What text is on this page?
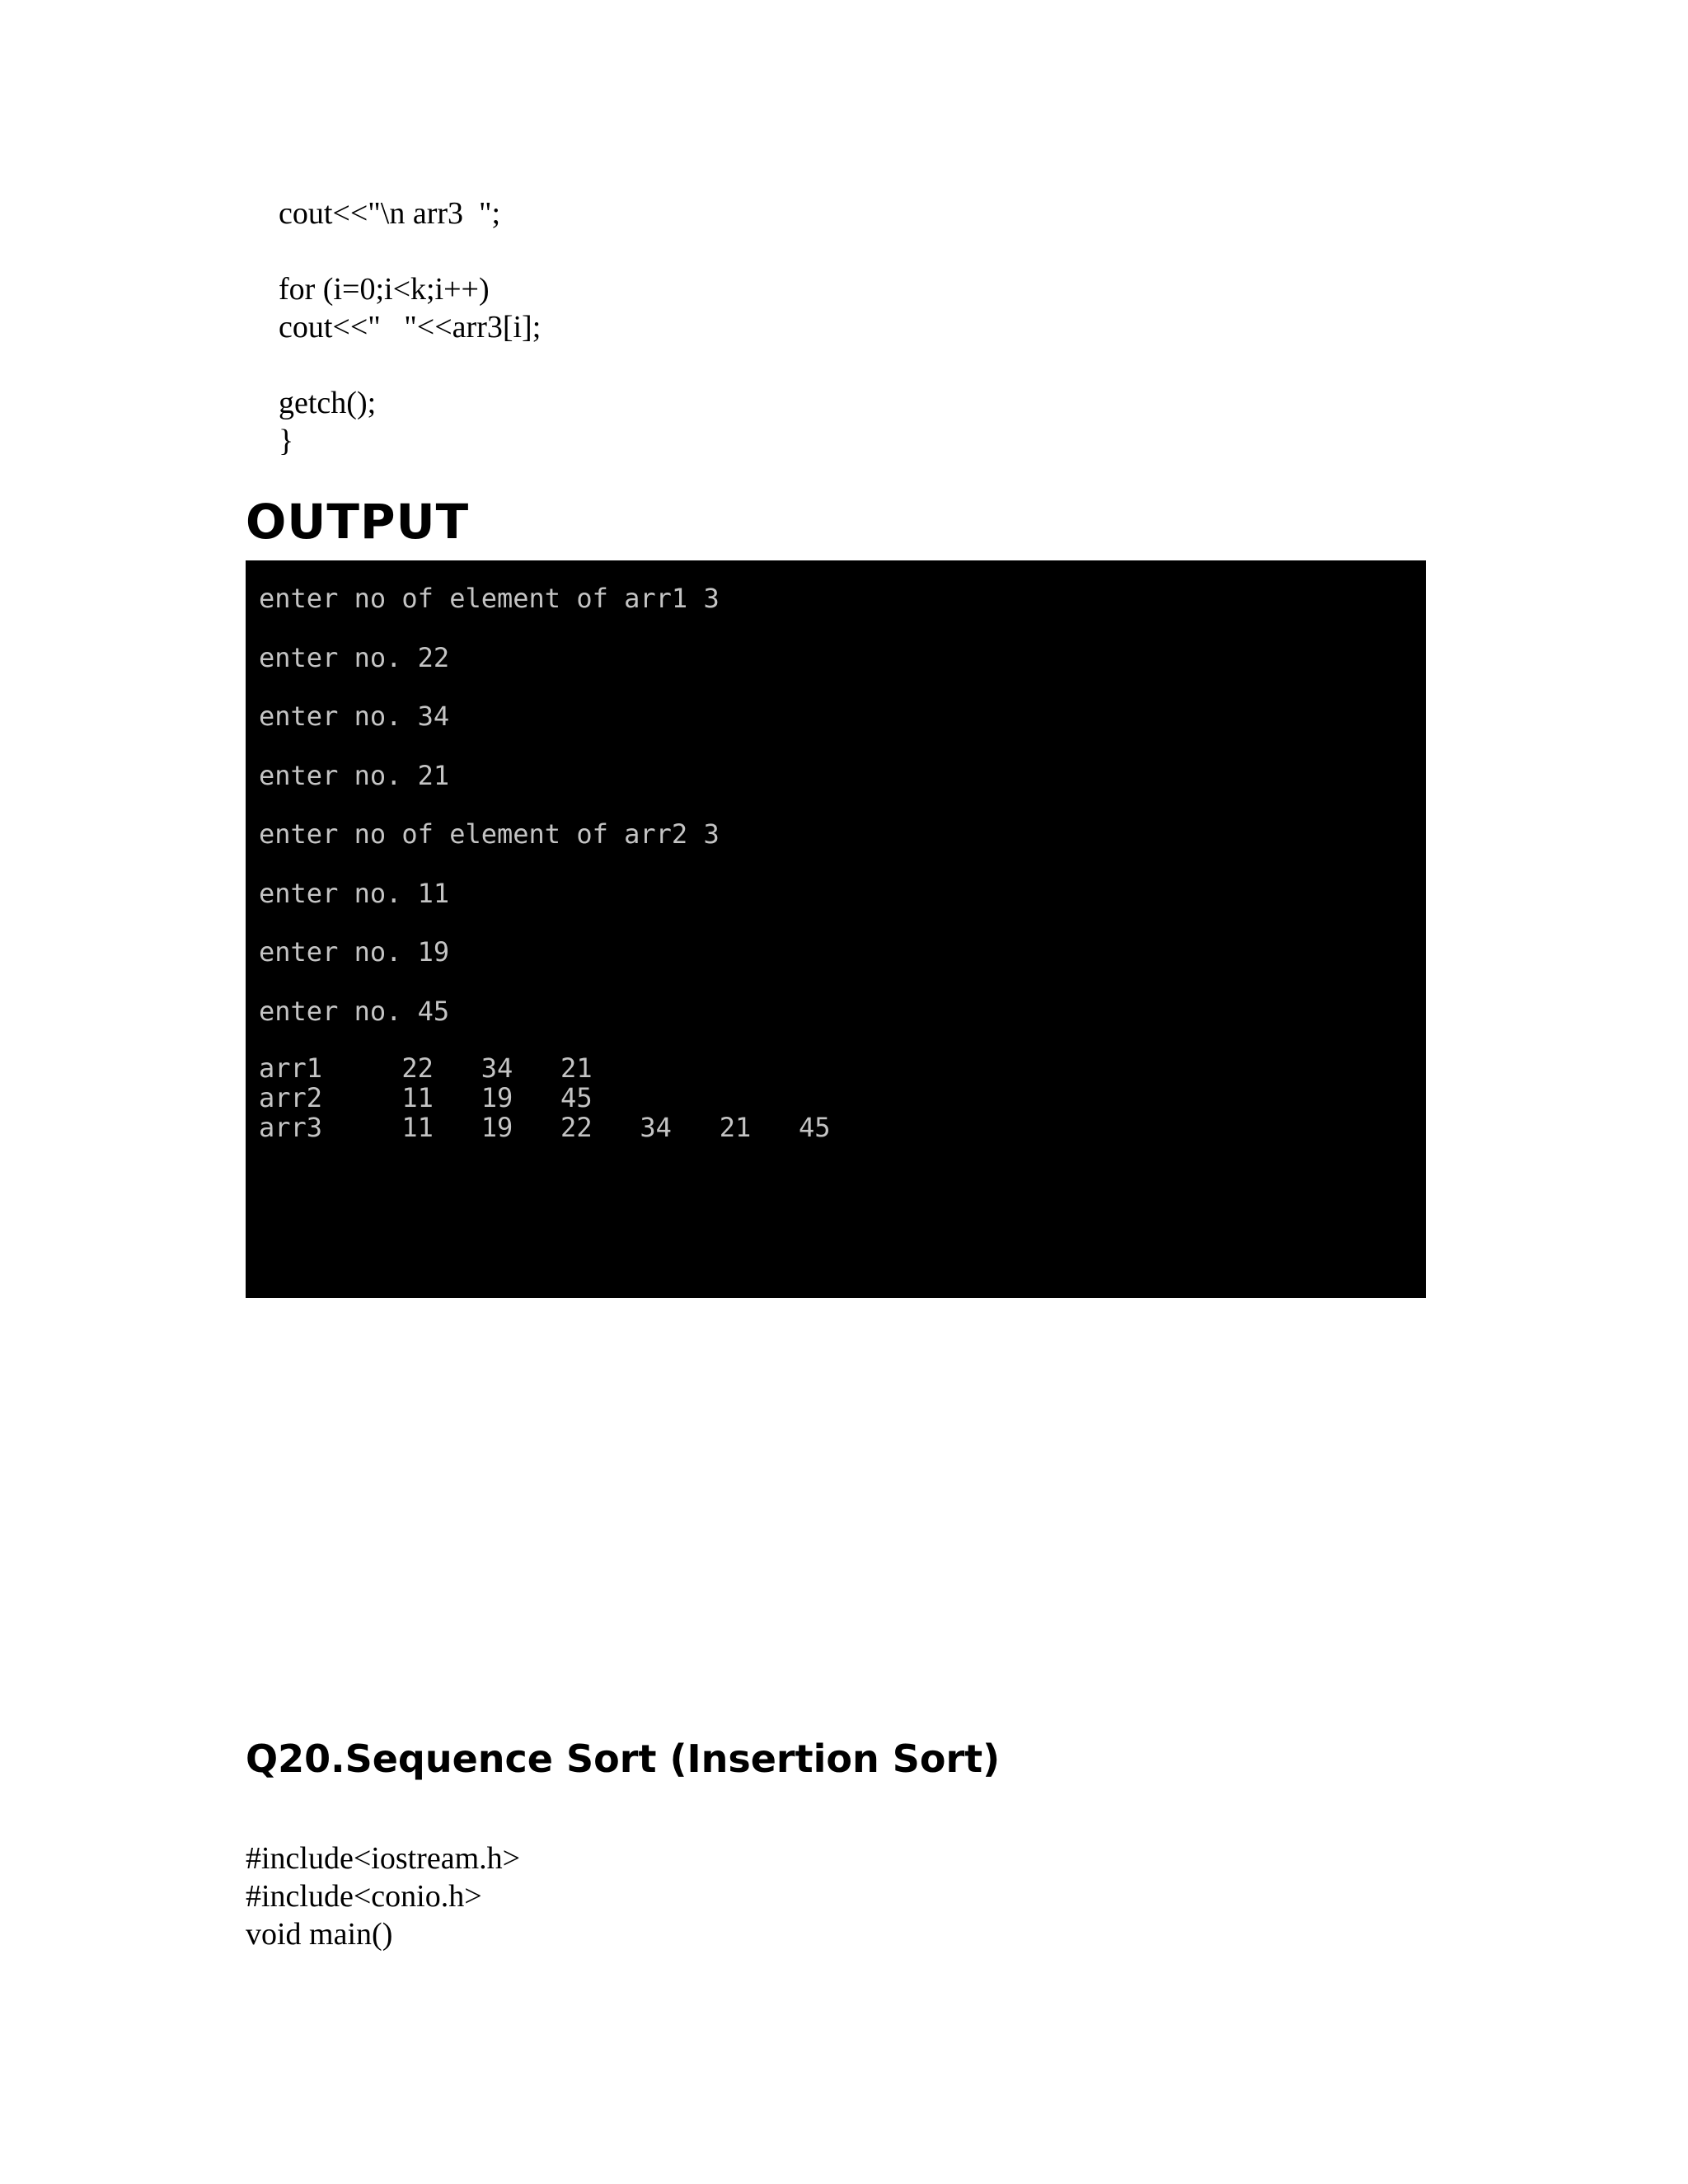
cout<<"\n arr3  ";
for (i=0;i<k;i++)
cout<<"   "<<arr3[i];
getch();
}
OUTPUT
enter no of element of arr1 3
enter no. 22
enter no. 34
enter no. 21
enter no of element of arr2 3
enter no. 11
enter no. 19
enter no. 45
arr1     22   34   21
arr2     11   19   45
arr3     11   19   22   34   21   45
Q20.Sequence Sort (Insertion Sort)
#include<iostream.h>
#include<conio.h>
void main()
